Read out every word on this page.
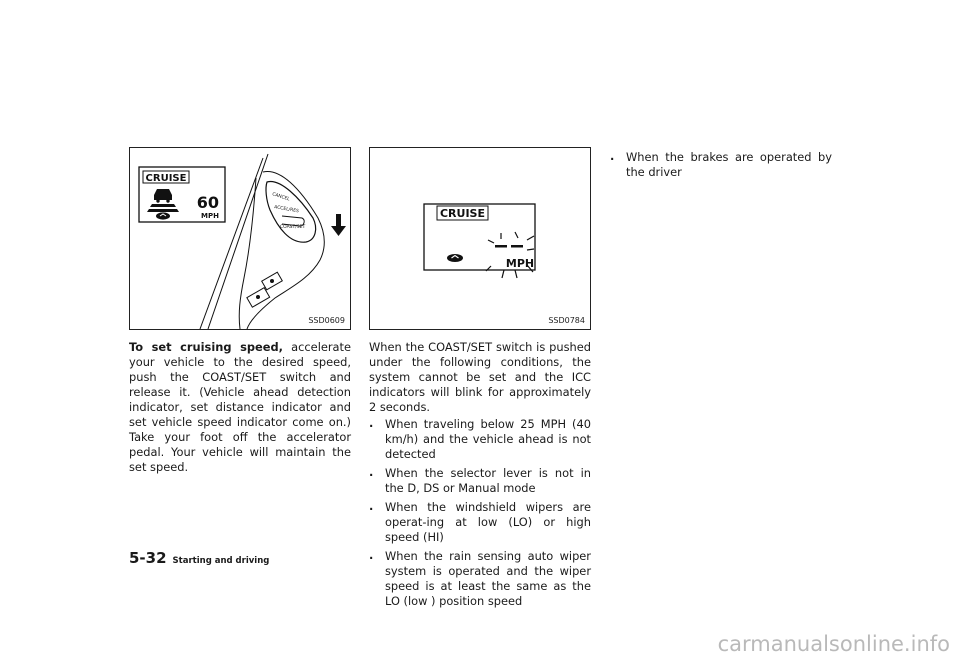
CRUISE
60
MPH
CANCEL
ACCEL/RES
COAST/SET
SSD0609
CRUISE
MPH
SSD0784

To set cruising speed, accelerate your vehicle to the desired speed, push the COAST/SET switch and release it. (Vehicle ahead detection indicator, set distance indicator and set vehicle speed indicator come on.) Take your foot off the accelerator pedal. Your vehicle will maintain the set speed.

When the COAST/SET switch is pushed under the following conditions, the system cannot be set and the ICC indicators will blink for approximately 2 seconds.

. When traveling below 25 MPH (40 km/h) and the vehicle ahead is not detected
. When the selector lever is not in the D, DS or Manual mode
. When the windshield wipers are operat-ing at low (LO) or high speed (HI)
. When the rain sensing auto wiper system is operated and the wiper speed is at least the same as the LO (low ) position speed
. When the brakes are operated by the driver
5-32 Starting and driving
carmanualsonline.info
